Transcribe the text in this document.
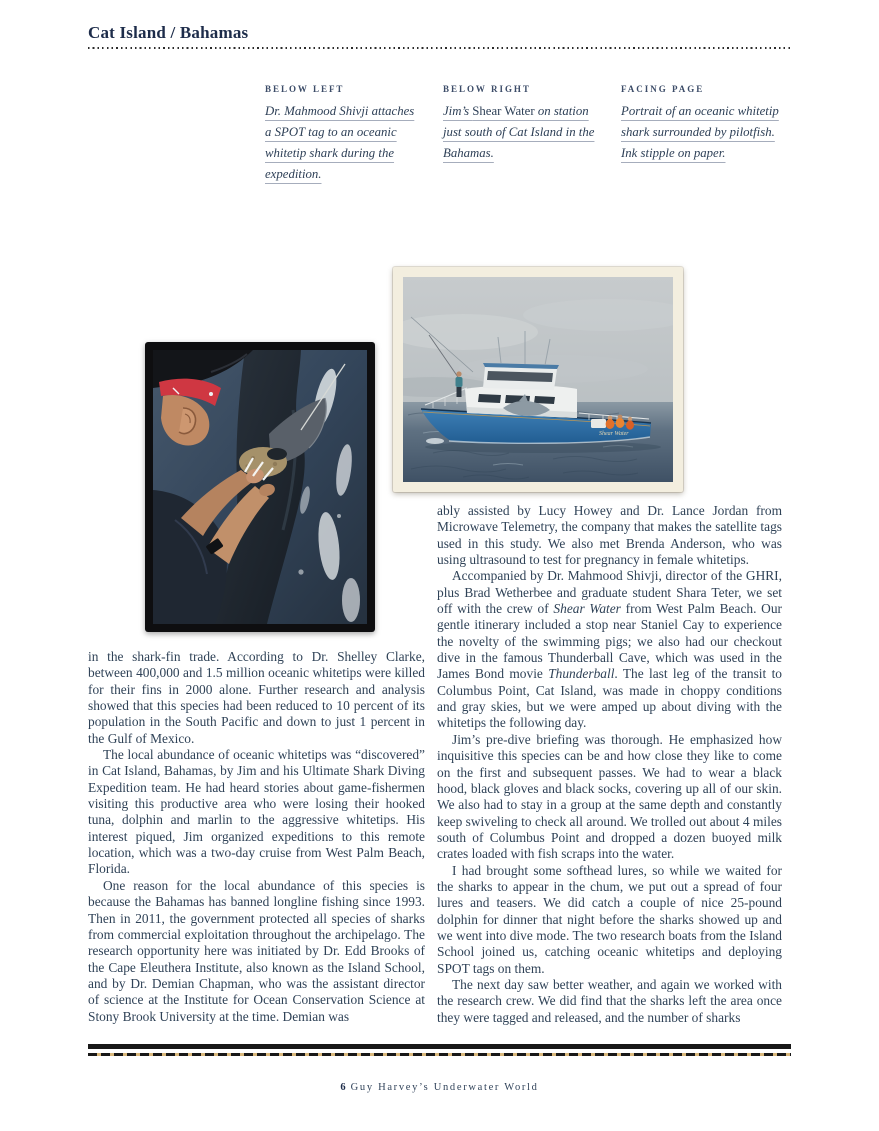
Cat Island / Bahamas

BELOW LEFT

Dr. Mahmood Shivji attaches a SPOT tag to an oceanic whitetip shark during the expedition.

BELOW RIGHT

Jim’s Shear Water on station just south of Cat Island in the Bahamas.

FACING PAGE

Portrait of an oceanic whitetip shark surrounded by pilotfish. Ink stipple on paper.

Shear Water

in the shark-fin trade. According to Dr. Shelley Clarke, between 400,000 and 1.5 million oceanic whitetips were killed for their fins in 2000 alone. Further research and analysis showed that this species had been reduced to 10 percent of its population in the South Pacific and down to just 1 percent in the Gulf of Mexico.

The local abundance of oceanic whitetips was “discovered” in Cat Island, Bahamas, by Jim and his Ultimate Shark Diving Expedition team. He had heard stories about game-fishermen visiting this productive area who were losing their hooked tuna, dolphin and marlin to the aggressive whitetips. His interest piqued, Jim organized expeditions to this remote location, which was a two-day cruise from West Palm Beach, Florida.

One reason for the local abundance of this species is because the Bahamas has banned longline fishing since 1993. Then in 2011, the government protected all species of sharks from commercial exploitation throughout the archipelago. The research opportunity here was initiated by Dr. Edd Brooks of the Cape Eleuthera Institute, also known as the Island School, and by Dr. Demian Chapman, who was the assistant director of science at the Institute for Ocean Conservation Science at Stony Brook University at the time. Demian was

ably assisted by Lucy Howey and Dr. Lance Jordan from Microwave Telemetry, the company that makes the satellite tags used in this study. We also met Brenda Anderson, who was using ultrasound to test for pregnancy in female whitetips.

Accompanied by Dr. Mahmood Shivji, director of the GHRI, plus Brad Wetherbee and graduate student Shara Teter, we set off with the crew of Shear Water from West Palm Beach. Our gentle itinerary included a stop near Staniel Cay to experience the novelty of the swimming pigs; we also had our checkout dive in the famous Thunderball Cave, which was used in the James Bond movie Thunderball. The last leg of the transit to Columbus Point, Cat Island, was made in choppy conditions and gray skies, but we were amped up about diving with the whitetips the following day.

Jim’s pre-dive briefing was thorough. He emphasized how inquisitive this species can be and how close they like to come on the first and subsequent passes. We had to wear a black hood, black gloves and black socks, covering up all of our skin. We also had to stay in a group at the same depth and constantly keep swiveling to check all around. We trolled out about 4 miles south of Columbus Point and dropped a dozen buoyed milk crates loaded with fish scraps into the water.

I had brought some softhead lures, so while we waited for the sharks to appear in the chum, we put out a spread of four lures and teasers. We did catch a couple of nice 25-pound dolphin for dinner that night before the sharks showed up and we went into dive mode. The two research boats from the Island School joined us, catching oceanic whitetips and deploying SPOT tags on them.

The next day saw better weather, and again we worked with the research crew. We did find that the sharks left the area once they were tagged and released, and the number of sharks

6 Guy Harvey’s Underwater World
